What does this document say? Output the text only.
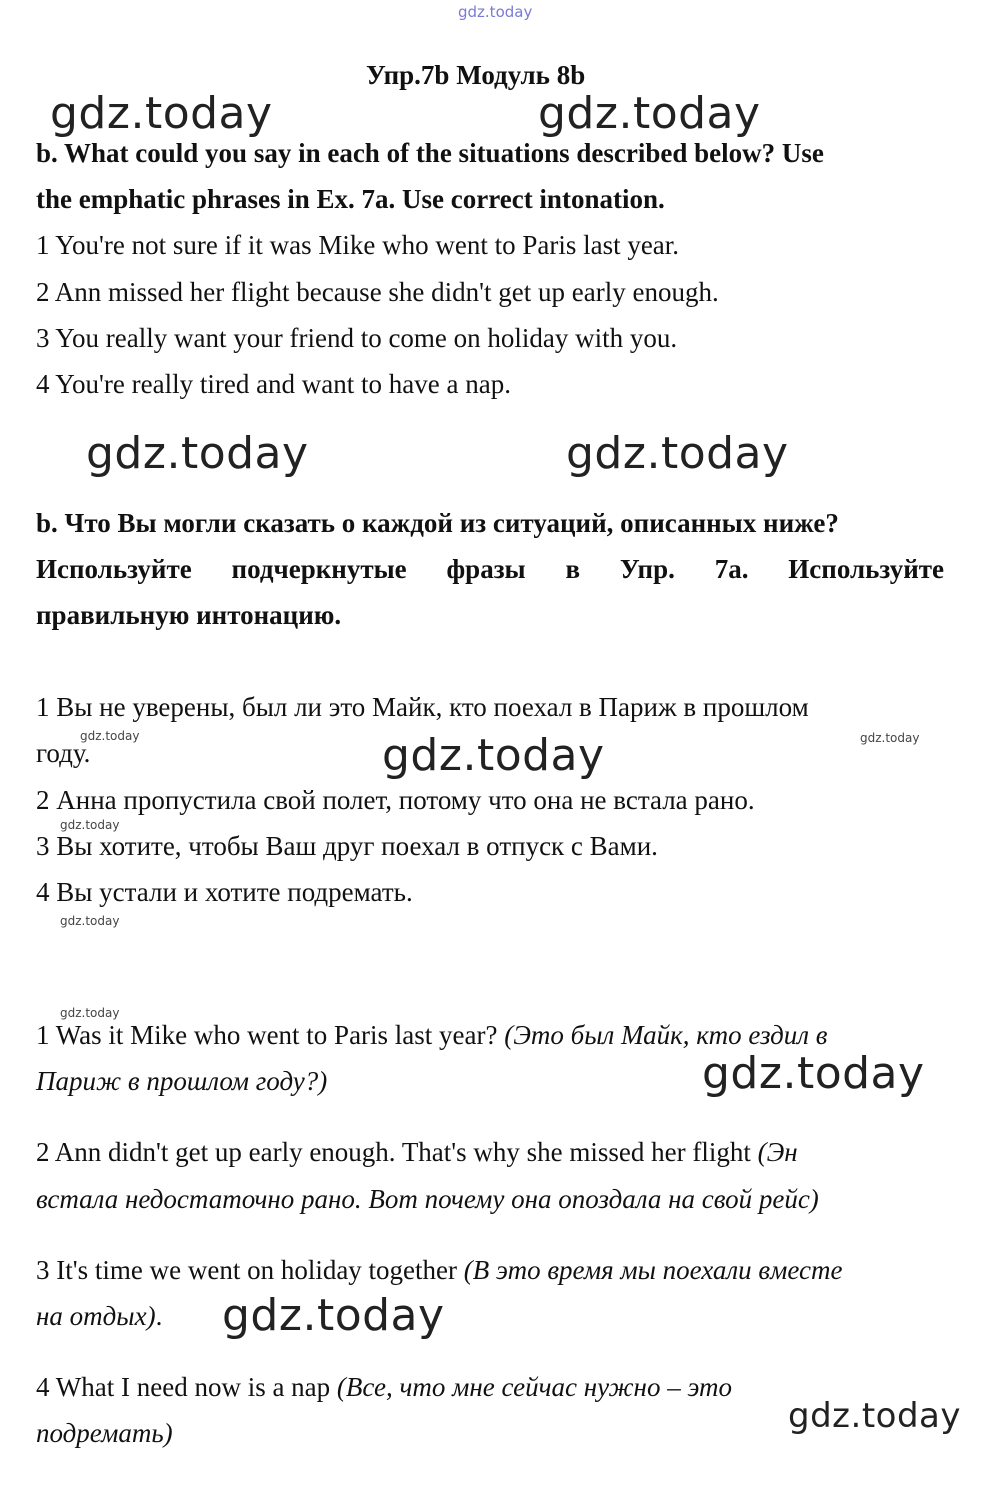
gdz.today
Упр.7b Модуль 8b
gdz.today	gdz.today
b. What could you say in each of the situations described below? Use
the emphatic phrases in Ex. 7a. Use correct intonation.
1 You're not sure if it was Mike who went to Paris last year.
2 Ann missed her flight because she didn't get up early enough.
3 You really want your friend to come on holiday with you.
4 You're really tired and want to have a nap.
gdz.today	gdz.today
b. Что Вы могли сказать о каждой из ситуаций, описанных ниже?
Используйте подчеркнутые фразы в Упр. 7а. Используйте
правильную интонацию.
1 Вы не уверены, был ли это Майк, кто поехал в Париж в прошлом
gdz.today	gdz.today
году.	gdz.today
2 Анна пропустила свой полет, потому что она не встала рано.
gdz.today
3 Вы хотите, чтобы Ваш друг поехал в отпуск с Вами.
4 Вы устали и хотите подремать.
gdz.today
gdz.today
1 Was it Mike who went to Paris last year? (Это был Майк, кто ездил в
Париж в прошлом году?)	gdz.today
2 Ann didn't get up early enough. That's why she missed her flight (Эн
встала недостаточно рано. Вот почему она опоздала на свой рейс)
3 It's time we went on holiday together (В это время мы поехали вместе
на отдых). gdz.today
4 What I need now is a nap (Все, что мне сейчас нужно – это
подремать)	gdz.today
